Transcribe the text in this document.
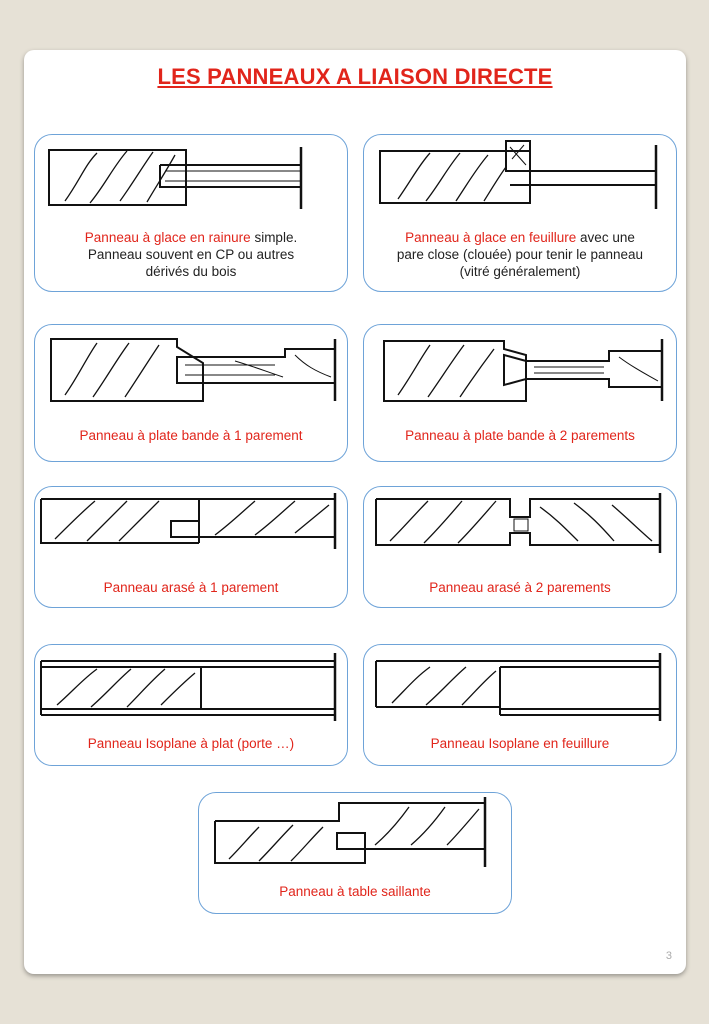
LES PANNEAUX A LIAISON DIRECTE
Panneau à glace en rainure simple.
Panneau souvent en CP ou autres
dérivés du bois
Panneau à glace en feuillure avec une
pare close (clouée) pour tenir le panneau
(vitré généralement)
Panneau à plate bande à 1 parement	Panneau à plate bande à 2 parements
Panneau arasé à 1 parement	Panneau arasé à 2 parements
Panneau Isoplane à plat (porte …)	Panneau Isoplane en feuillure
Panneau à table saillante
3
